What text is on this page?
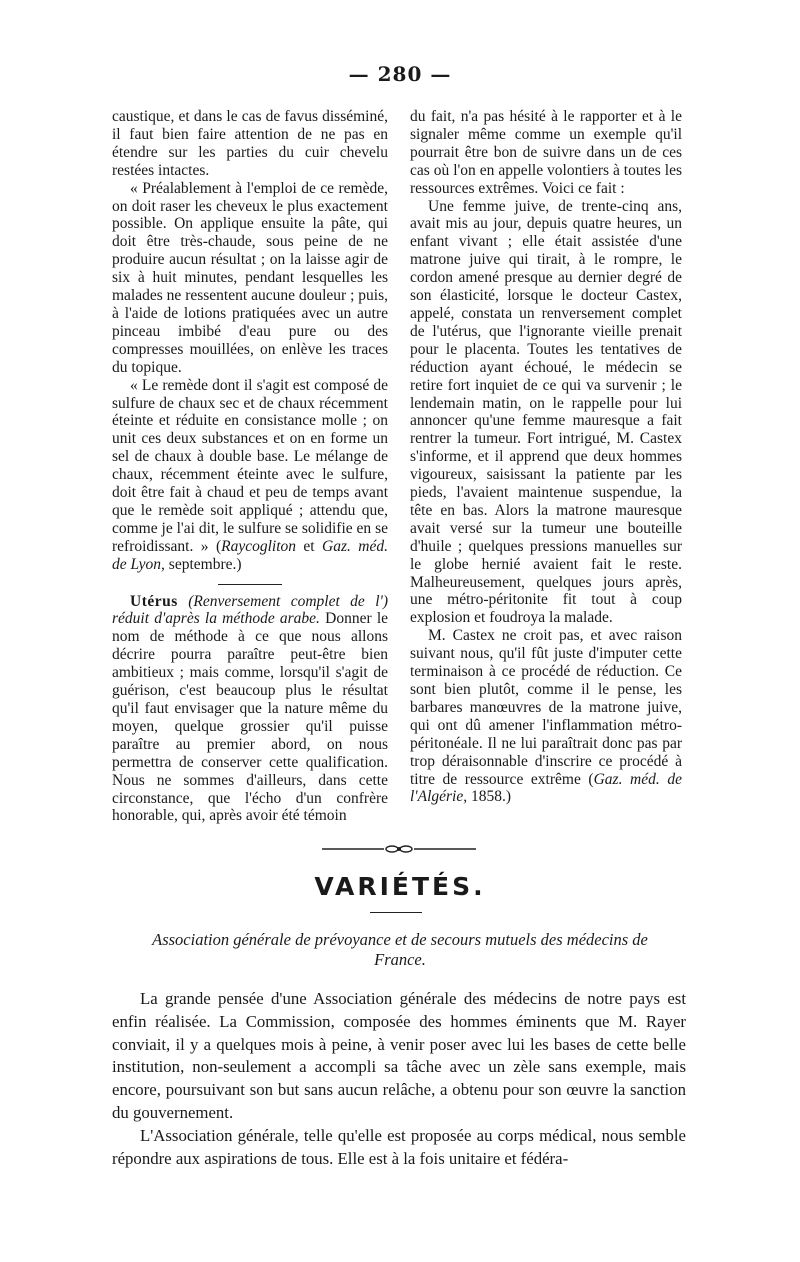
— 280 —

caustique, et dans le cas de favus disséminé, il faut bien faire attention de ne pas en étendre sur les parties du cuir chevelu restées intactes.

« Préalablement à l'emploi de ce remède, on doit raser les cheveux le plus exactement possible. On applique ensuite la pâte, qui doit être très-chaude, sous peine de ne produire aucun résultat ; on la laisse agir de six à huit minutes, pendant lesquelles les malades ne ressentent aucune douleur ; puis, à l'aide de lotions pratiquées avec un autre pinceau imbibé d'eau pure ou des compresses mouillées, on enlève les traces du topique.

« Le remède dont il s'agit est composé de sulfure de chaux sec et de chaux récemment éteinte et réduite en consistance molle ; on unit ces deux substances et on en forme un sel de chaux à double base. Le mélange de chaux, récemment éteinte avec le sulfure, doit être fait à chaud et peu de temps avant que le remède soit appliqué ; attendu que, comme je l'ai dit, le sulfure se solidifie en se refroidissant. » (Raycogliton et Gaz. méd. de Lyon, septembre.)

Utérus (Renversement complet de l') réduit d'après la méthode arabe. Donner le nom de méthode à ce que nous allons décrire pourra paraître peut-être bien ambitieux ; mais comme, lorsqu'il s'agit de guérison, c'est beaucoup plus le résultat qu'il faut envisager que la nature même du moyen, quelque grossier qu'il puisse paraître au premier abord, on nous permettra de conserver cette qualification. Nous ne sommes d'ailleurs, dans cette circonstance, que l'écho d'un confrère honorable, qui, après avoir été témoin

du fait, n'a pas hésité à le rapporter et à le signaler même comme un exemple qu'il pourrait être bon de suivre dans un de ces cas où l'on en appelle volontiers à toutes les ressources extrêmes. Voici ce fait :

Une femme juive, de trente-cinq ans, avait mis au jour, depuis quatre heures, un enfant vivant ; elle était assistée d'une matrone juive qui tirait, à le rompre, le cordon amené presque au dernier degré de son élasticité, lorsque le docteur Castex, appelé, constata un renversement complet de l'utérus, que l'ignorante vieille prenait pour le placenta. Toutes les tentatives de réduction ayant échoué, le médecin se retire fort inquiet de ce qui va survenir ; le lendemain matin, on le rappelle pour lui annoncer qu'une femme mauresque a fait rentrer la tumeur. Fort intrigué, M. Castex s'informe, et il apprend que deux hommes vigoureux, saisissant la patiente par les pieds, l'avaient maintenue suspendue, la tête en bas. Alors la matrone mauresque avait versé sur la tumeur une bouteille d'huile ; quelques pressions manuelles sur le globe hernié avaient fait le reste. Malheureusement, quelques jours après, une métro-péritonite fit tout à coup explosion et foudroya la malade.

M. Castex ne croit pas, et avec raison suivant nous, qu'il fût juste d'imputer cette terminaison à ce procédé de réduction. Ce sont bien plutôt, comme il le pense, les barbares manœuvres de la matrone juive, qui ont dû amener l'inflammation métro-péritonéale. Il ne lui paraîtrait donc pas par trop déraisonnable d'inscrire ce procédé à titre de ressource extrême (Gaz. méd. de l'Algérie, 1858.)

VARIÉTÉS.
Association générale de prévoyance et de secours mutuels des médecins de France.

La grande pensée d'une Association générale des médecins de notre pays est enfin réalisée. La Commission, composée des hommes éminents que M. Rayer conviait, il y a quelques mois à peine, à venir poser avec lui les bases de cette belle institution, non-seulement a accompli sa tâche avec un zèle sans exemple, mais encore, poursuivant son but sans aucun relâche, a obtenu pour son œuvre la sanction du gouvernement.

L'Association générale, telle qu'elle est proposée au corps médical, nous semble répondre aux aspirations de tous. Elle est à la fois unitaire et fédéra-
